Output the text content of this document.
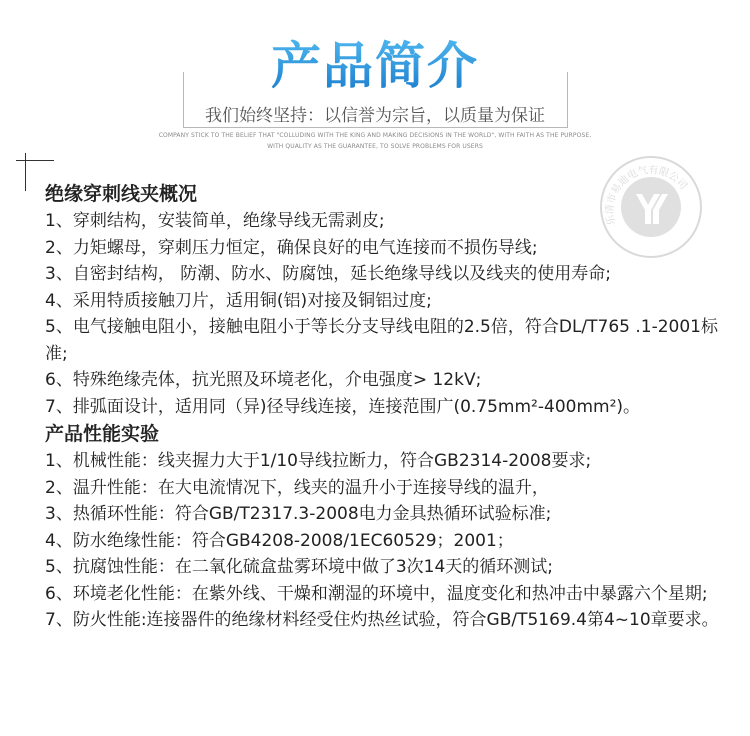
产品简介
我们始终坚持：以信誉为宗旨，以质量为保证
COMPANY STICK TO THE BELIEF THAT "COLLUDING WITH THE KING AND MAKING DECISIONS IN THE WORLD", WITH FAITH AS THE PURPOSE,
WITH QUALITY AS THE GUARANTEE, TO SOLVE PROBLEMS FOR USERS
乐清市易迪电气有限公司
绝缘穿刺线夹概况
1、穿刺结构，安装简单，绝缘导线无需剥皮;
2、力矩螺母，穿刺压力恒定，确保良好的电气连接而不损伤导线;
3、自密封结构， 防潮、防水、防腐蚀，延长绝缘导线以及线夹的使用寿命;
4、采用特质接触刀片，适用铜(铝)对接及铜铝过度;
5、电气接触电阻小，接触电阻小于等长分支导线电阻的2.5倍，符合DL/T765 .1-2001标准;
6、特殊绝缘壳体，抗光照及环境老化，介电强度> 12kV;
7、排弧面设计，适用同（异)径导线连接，连接范围广(0.75mm²-400mm²)。
产品性能实验
1、机械性能：线夹握力大于1/10导线拉断力，符合GB2314-2008要求;
2、温升性能：在大电流情况下，线夹的温升小于连接导线的温升，
3、热循环性能：符合GB/T2317.3-2008电力金具热循环试验标准;
4、防水绝缘性能：符合GB4208-2008/1EC60529；2001；
5、抗腐蚀性能：在二氧化硫盒盐雾环境中做了3次14天的循环测试;
6、环境老化性能：在紫外线、干燥和潮湿的环境中，温度变化和热冲击中暴露六个星期;
7、防火性能:连接器件的绝缘材料经受住灼热丝试验，符合GB/T5169.4第4~10章要求。
